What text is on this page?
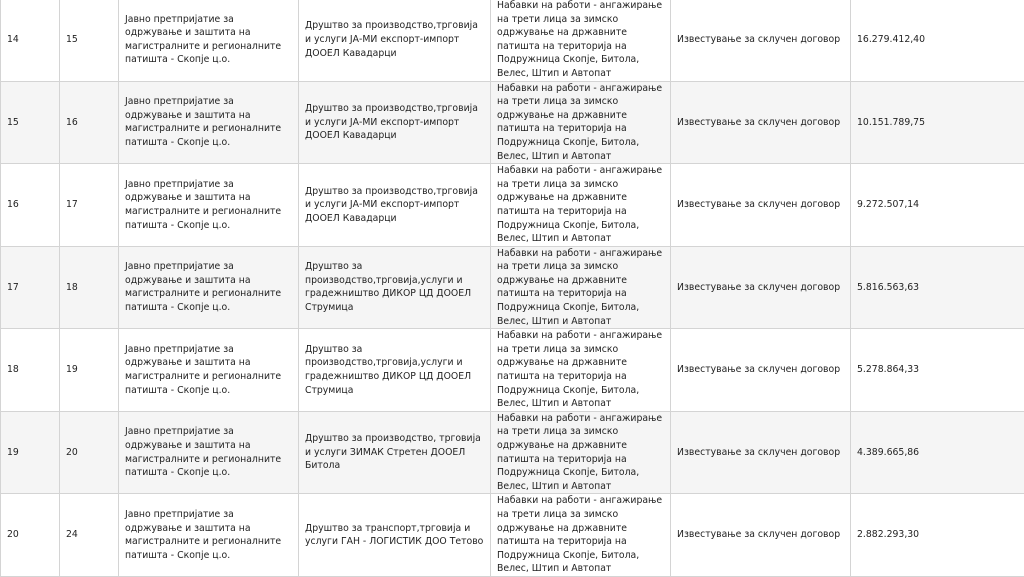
14	15	Јавно претпријатие за одржување и заштита на магистралните и регионалните патишта - Скопје ц.о.	Друштво за производство,трговија и услуги ЈА-МИ експорт-импорт ДООЕЛ Кавадарци	Набавки на работи - ангажирање на трети лица за зимско одржување на државните патишта на територија на Подружница Скопје, Битола, Велес, Штип и Автопат	Известување за склучен договор	16.279.412,40
15	16	Јавно претпријатие за одржување и заштита на магистралните и регионалните патишта - Скопје ц.о.	Друштво за производство,трговија и услуги ЈА-МИ експорт-импорт ДООЕЛ Кавадарци	Набавки на работи - ангажирање на трети лица за зимско одржување на државните патишта на територија на Подружница Скопје, Битола, Велес, Штип и Автопат	Известување за склучен договор	10.151.789,75
16	17	Јавно претпријатие за одржување и заштита на магистралните и регионалните патишта - Скопје ц.о.	Друштво за производство,трговија и услуги ЈА-МИ експорт-импорт ДООЕЛ Кавадарци	Набавки на работи - ангажирање на трети лица за зимско одржување на државните патишта на територија на Подружница Скопје, Битола, Велес, Штип и Автопат	Известување за склучен договор	9.272.507,14
17	18	Јавно претпријатие за одржување и заштита на магистралните и регионалните патишта - Скопје ц.о.	Друштво за производство,трговија,услуги и градежништво ДИКОР ЦД ДООЕЛ Струмица	Набавки на работи - ангажирање на трети лица за зимско одржување на државните патишта на територија на Подружница Скопје, Битола, Велес, Штип и Автопат	Известување за склучен договор	5.816.563,63
18	19	Јавно претпријатие за одржување и заштита на магистралните и регионалните патишта - Скопје ц.о.	Друштво за производство,трговија,услуги и градежништво ДИКОР ЦД ДООЕЛ Струмица	Набавки на работи - ангажирање на трети лица за зимско одржување на државните патишта на територија на Подружница Скопје, Битола, Велес, Штип и Автопат	Известување за склучен договор	5.278.864,33
19	20	Јавно претпријатие за одржување и заштита на магистралните и регионалните патишта - Скопје ц.о.	Друштво за производство, трговија и услуги ЗИМАК Стретен ДООЕЛ Битола	Набавки на работи - ангажирање на трети лица за зимско одржување на државните патишта на територија на Подружница Скопје, Битола, Велес, Штип и Автопат	Известување за склучен договор	4.389.665,86
20	24	Јавно претпријатие за одржување и заштита на магистралните и регионалните патишта - Скопје ц.о.	Друштво за транспорт,трговија и услуги ГАН - ЛОГИСТИК ДОО Тетово	Набавки на работи - ангажирање на трети лица за зимско одржување на државните патишта на територија на Подружница Скопје, Битола, Велес, Штип и Автопат	Известување за склучен договор	2.882.293,30
